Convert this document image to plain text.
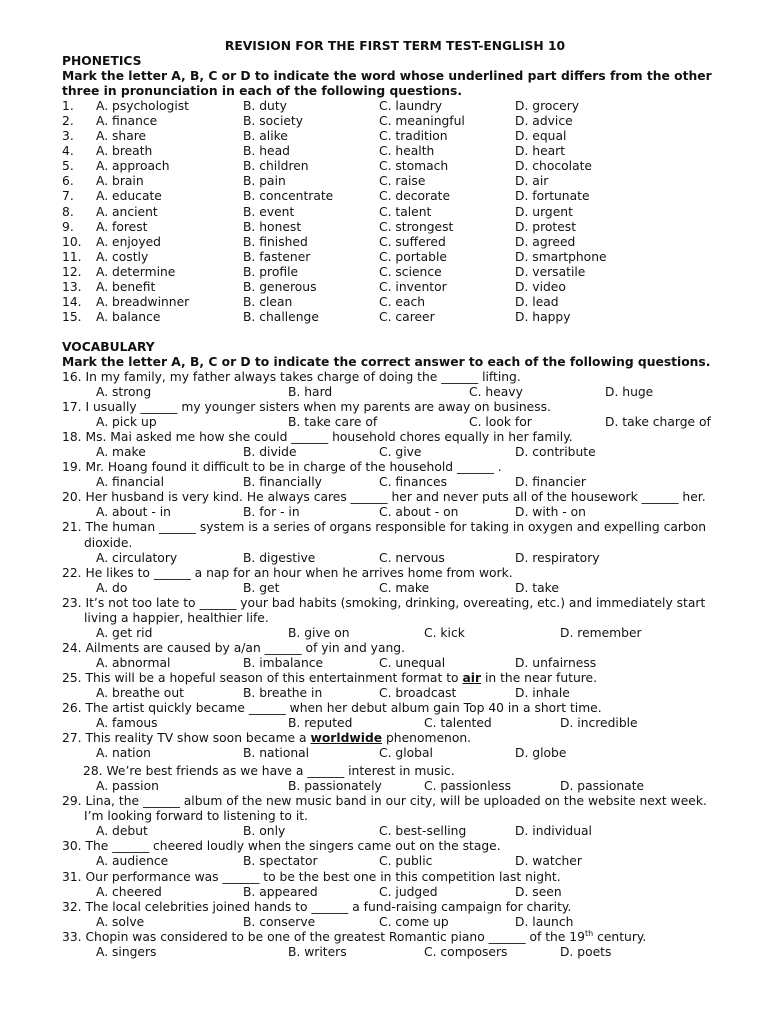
REVISION FOR THE FIRST TERM TEST-ENGLISH 10
PHONETICS
Mark the letter A, B, C or D to indicate the word whose underlined part differs from the other three in pronunciation in each of the following questions.
1.	A. psychologist	B. duty	C. laundry	D. grocery
2.	A. finance	B. society	C. meaningful	D. advice
3.	A. share	B. alike	C. tradition	D. equal
4.	A. breath	B. head	C. health	D. heart
5.	A. approach	B. children	C. stomach	D. chocolate
6.	A. brain	B. pain	C. raise	D. air
7.	A. educate	B. concentrate	C. decorate	D. fortunate
8.	A. ancient	B. event	C. talent	D. urgent
9.	A. forest	B. honest	C. strongest	D. protest
10.	A. enjoyed	B. finished	C. suffered	D. agreed
11.	A. costly	B. fastener	C. portable	D. smartphone
12.	A. determine	B. profile	C. science	D. versatile
13.	A. benefit	B. generous	C. inventor	D. video
14.	A. breadwinner	B. clean	C. each	D. lead
15.	A. balance	B. challenge	C. career	D. happy
VOCABULARY
Mark the letter A, B, C or D to indicate the correct answer to each of the following questions.
16. In my family, my father always takes charge of doing the ______ lifting.
A. strong	B. hard	C. heavy	D. huge
17. I usually ______ my younger sisters when my parents are away on business.
A. pick up	B. take care of	C. look for	D. take charge of
18. Ms. Mai asked me how she could ______ household chores equally in her family.
A. make	B. divide	C. give	D. contribute
19. Mr. Hoang found it difficult to be in charge of the household ______ .
A. financial	B. financially	C. finances	D. financier
20. Her husband is very kind. He always cares ______ her and never puts all of the housework ______ her.
A. about - in	B. for - in	C. about - on	D. with - on
21. The human ______ system is a series of organs responsible for taking in oxygen and expelling carbon dioxide.
A. circulatory	B. digestive	C. nervous	D. respiratory
22. He likes to ______ a nap for an hour when he arrives home from work.
A. do	B. get	C. make	D. take
23. It’s not too late to ______ your bad habits (smoking, drinking, overeating, etc.) and immediately start living a happier, healthier life.
A. get rid	B. give on	C. kick	D. remember
24. Ailments are caused by a/an ______ of yin and yang.
A. abnormal	B. imbalance	C. unequal	D. unfairness
25. This will be a hopeful season of this entertainment format to air in the near future.
A. breathe out	B. breathe in	C. broadcast	D. inhale
26. The artist quickly became ______ when her debut album gain Top 40 in a short time.
A. famous	B. reputed	C. talented	D. incredible
27. This reality TV show soon became a worldwide phenomenon.
A. nation	B. national	C. global	D. globe
28. We’re best friends as we have a ______ interest in music.
A. passion	B. passionately	C. passionless	D. passionate
29. Lina, the ______ album of the new music band in our city, will be uploaded on the website next week. I’m looking forward to listening to it.
A. debut	B. only	C. best-selling	D. individual
30. The ______ cheered loudly when the singers came out on the stage.
A. audience	B. spectator	C. public	D. watcher
31. Our performance was ______ to be the best one in this competition last night.
A. cheered	B. appeared	C. judged	D. seen
32. The local celebrities joined hands to ______ a fund-raising campaign for charity.
A. solve	B. conserve	C. come up	D. launch
33. Chopin was considered to be one of the greatest Romantic piano ______ of the 19th century.
A. singers	B. writers	C. composers	D. poets
